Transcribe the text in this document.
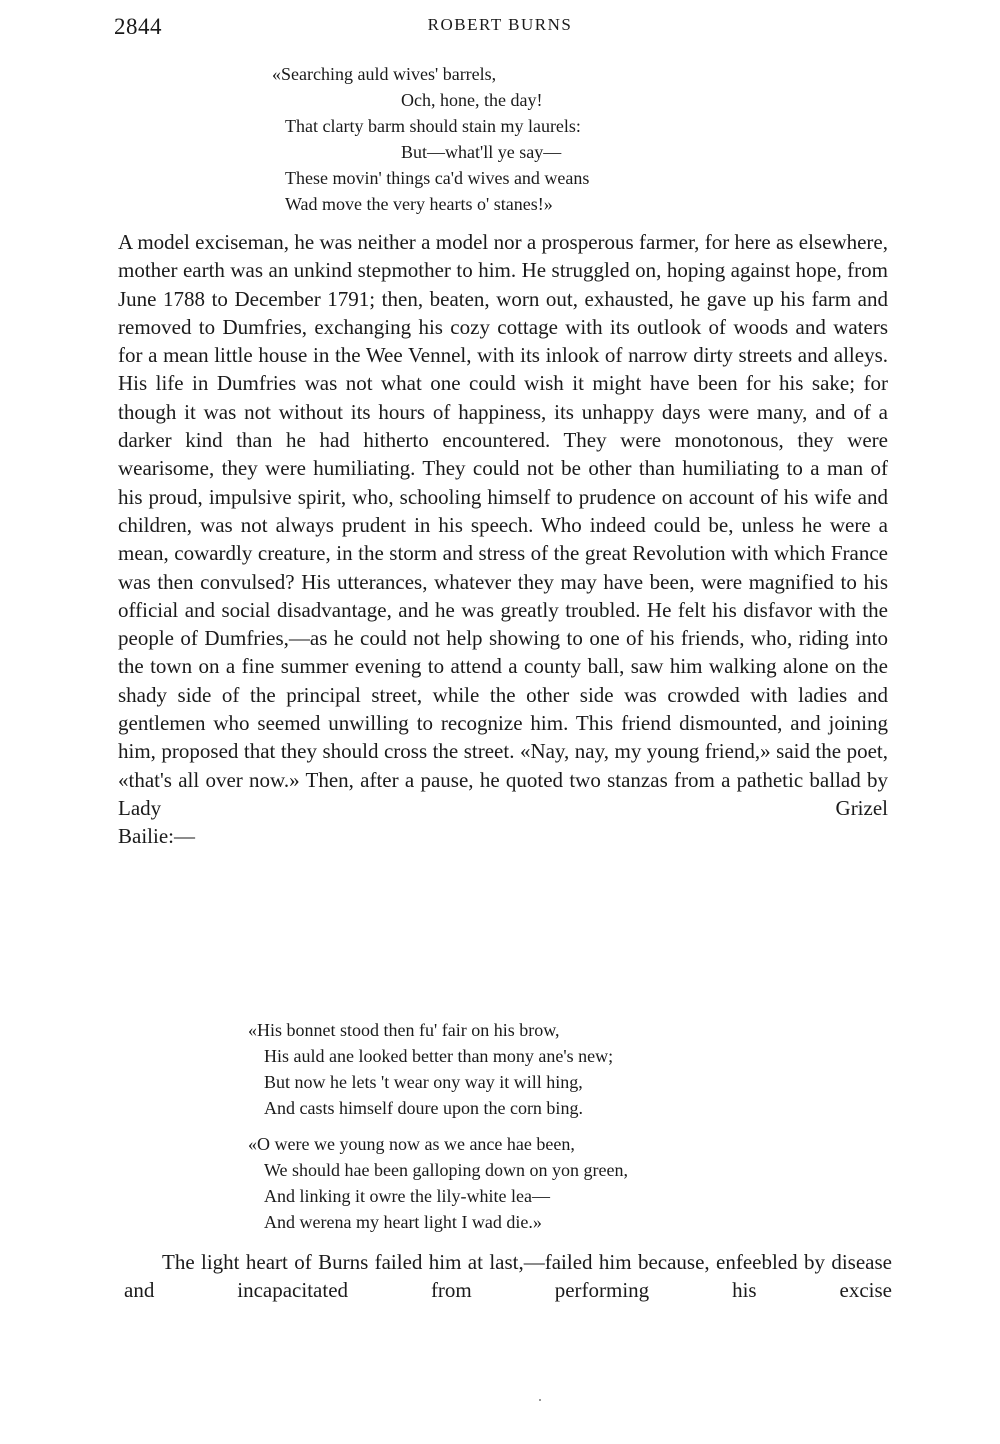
2844	ROBERT BURNS
«Searching auld wives' barrels,
Och, hone, the day!
That clarty barm should stain my laurels:
But—what'll ye say—
These movin' things ca'd wives and weans
Wad move the very hearts o' stanes!»
A model exciseman, he was neither a model nor a prosperous farmer, for here as elsewhere, mother earth was an unkind stepmother to him. He struggled on, hoping against hope, from June 1788 to December 1791; then, beaten, worn out, exhausted, he gave up his farm and removed to Dumfries, exchanging his cozy cottage with its outlook of woods and waters for a mean little house in the Wee Vennel, with its inlook of narrow dirty streets and alleys. His life in Dumfries was not what one could wish it might have been for his sake; for though it was not without its hours of happiness, its unhappy days were many, and of a darker kind than he had hitherto encountered. They were monotonous, they were wearisome, they were humiliating. They could not be other than humiliating to a man of his proud, impulsive spirit, who, schooling himself to prudence on account of his wife and children, was not always prudent in his speech. Who indeed could be, unless he were a mean, cowardly creature, in the storm and stress of the great Revolution with which France was then convulsed? His utterances, whatever they may have been, were magnified to his official and social disadvantage, and he was greatly troubled. He felt his disfavor with the people of Dumfries,—as he could not help showing to one of his friends, who, riding into the town on a fine summer evening to attend a county ball, saw him walking alone on the shady side of the principal street, while the other side was crowded with ladies and gentlemen who seemed unwilling to recognize him. This friend dismounted, and joining him, proposed that they should cross the street. «Nay, nay, my young friend,» said the poet, «that's all over now.» Then, after a pause, he quoted two stanzas from a pathetic ballad by Lady Grizel
Bailie:—
«His bonnet stood then fu' fair on his brow,
His auld ane looked better than mony ane's new;
But now he lets 't wear ony way it will hing,
And casts himself doure upon the corn bing.
«O were we young now as we ance hae been,
We should hae been galloping down on yon green,
And linking it owre the lily-white lea—
And werena my heart light I wad die.»
The light heart of Burns failed him at last,—failed him because, enfeebled by disease and incapacitated from performing his excise
